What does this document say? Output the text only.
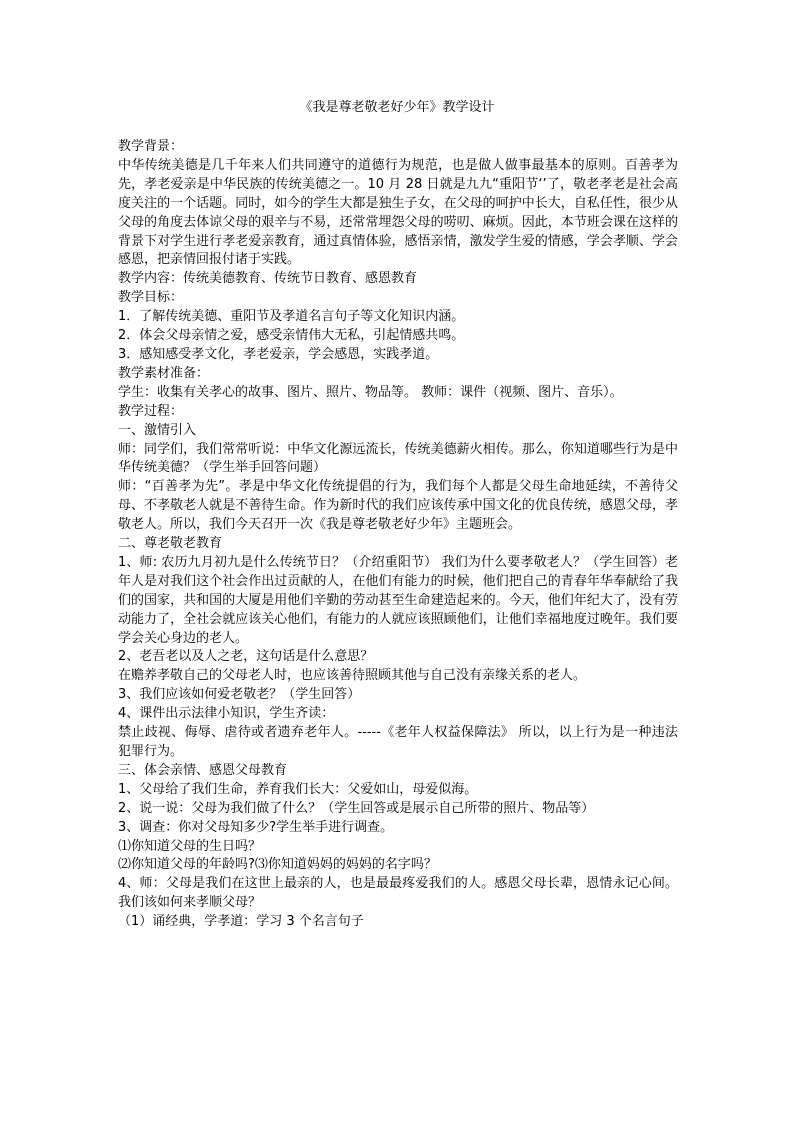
《我是尊老敬老好少年》教学设计

教学背景：

中华传统美德是几千年来人们共同遵守的道德行为规范，也是做人做事最基本的原则。百善孝为先，孝老爱亲是中华民族的传统美德之一。10 月 28 日就是九九“重阳节‘’了，敬老孝老是社会高度关注的一个话题。同时，如今的学生大都是独生子女，在父母的呵护中长大，自私任性，很少从父母的角度去体谅父母的艰辛与不易，还常常埋怨父母的唠叨、麻烦。因此，本节班会课在这样的背景下对学生进行孝老爱亲教育，通过真情体验，感悟亲情，激发学生爱的情感，学会孝顺、学会感恩，把亲情回报付诸于实践。

教学内容：传统美德教育、传统节日教育、感恩教育

教学目标：

1．了解传统美德、重阳节及孝道名言句子等文化知识内涵。

2．体会父母亲情之爱，感受亲情伟大无私，引起情感共鸣。

3．感知感受孝文化，孝老爱亲，学会感恩，实践孝道。

教学素材准备：

学生：收集有关孝心的故事、图片、照片、物品等。 教师：课件（视频、图片、音乐）。

教学过程：

一、激情引入

师：同学们，我们常常听说：中华文化源远流长，传统美德薪火相传。那么，你知道哪些行为是中华传统美德？（学生举手回答问题）

师：“百善孝为先”。孝是中华文化传统提倡的行为，我们每个人都是父母生命地延续，不善待父母、不孝敬老人就是不善待生命。作为新时代的我们应该传承中国文化的优良传统，感恩父母，孝敬老人。所以，我们今天召开一次《我是尊老敬老好少年》主题班会。

二、尊老敬老教育

1、师: 农历九月初九是什么传统节日？（介绍重阳节） 我们为什么要孝敬老人？（学生回答）老年人是对我们这个社会作出过贡献的人，在他们有能力的时候，他们把自己的青春年华奉献给了我们的国家，共和国的大厦是用他们辛勤的劳动甚至生命建造起来的。今天，他们年纪大了，没有劳动能力了，全社会就应该关心他们，有能力的人就应该照顾他们，让他们幸福地度过晚年。我们要学会关心身边的老人。

2、老吾老以及人之老，这句话是什么意思？

在赡养孝敬自己的父母老人时，也应该善待照顾其他与自己没有亲缘关系的老人。

3、我们应该如何爱老敬老？（学生回答）

4、课件出示法律小知识，学生齐读：

禁止歧视、侮辱、虐待或者遗弃老年人。-----《老年人权益保障法》 所以，以上行为是一种违法犯罪行为。

三、体会亲情、感恩父母教育

1、父母给了我们生命，养育我们长大：父爱如山，母爱似海。

2、说一说：父母为我们做了什么？（学生回答或是展示自己所带的照片、物品等）

3、调查：你对父母知多少?学生举手进行调查。

⑴你知道父母的生日吗？

⑵你知道父母的年龄吗?⑶你知道妈妈的妈妈的名字吗？

4、师：父母是我们在这世上最亲的人，也是最最疼爱我们的人。感恩父母长辈，恩情永记心间。我们该如何来孝顺父母？

（1）诵经典，学孝道：学习 3 个名言句子
